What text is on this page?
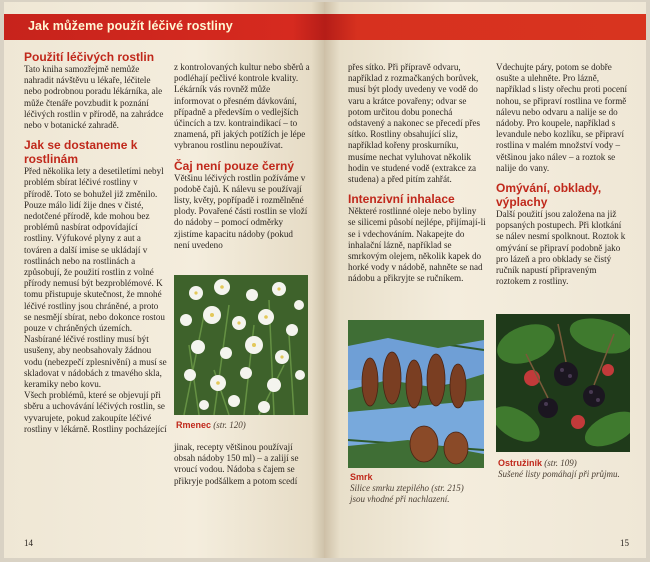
Jak můžeme použít léčivé rostliny

Použití léčivých rostlin

Tato kniha samozřejmě nemůže nahradit návštěvu u lékaře, léčitele nebo podrobnou poradu lékárníka, ale může čtenáře povzbudit k poznání léčivých rostlin v přírodě, na zahrádce nebo v botanické zahradě.

Jak se dostaneme k rostlinám

Před několika lety a desetiletími nebyl problém sbírat léčivé rostliny v přírodě. Toto se bohužel již změnilo. Pouze málo lidí žije dnes v čisté, nedotčené přírodě, kde mohou bez problémů nasbírat odpovídající rostliny. Výfukové plyny z aut a továren a další imise se ukládají v rostlinách nebo na rostlinách a způsobují, že použití rostlin z volné přírody nemusí být bezproblémové. K tomu přistupuje skutečnost, že mnohé léčivé rostliny jsou chráněné, a proto se nesmějí sbírat, nebo dokonce rostou pouze v chráněných územích.

Nasbírané léčivé rostliny musí být usušeny, aby neobsahovaly žádnou vodu (nebezpečí zplesnivění) a musí se skladovat v nádobách z tmavého skla, keramiky nebo kovu.

Všech problémů, které se objevují při sběru a uchovávání léčivých rostlin, se vyvarujete, pokud zakoupíte léčivé rostliny v lékárně. Rostliny pocházející

z kontrolovaných kultur nebo sběrů a podléhají pečlivé kontrole kvality. Lékárník vás rovněž může informovat o přesném dávkování, případně a především o vedlejších účincích a tzv. kontraindikací – to znamená, při jakých potížích je lépe vybranou rostlinu nepoužívat.

Čaj není pouze černý

Většinu léčivých rostlin požíváme v podobě čajů. K nálevu se používají listy, květy, popřípadě i rozmělněné plody. Povařené části rostlin se vloží do nádoby – pomocí odměrky zjistíme kapacitu nádoby (pokud není uvedeno

Rmenec (str. 120)

jinak, recepty většinou používají obsah nádoby 150 ml) – a zalijí se vroucí vodou. Nádoba s čajem se přikryje podšálkem a potom scedí

14

přes sítko. Při přípravě odvaru, například z rozmačkaných borůvek, musí být plody uvedeny ve vodě do varu a krátce povařeny; odvar se potom určitou dobu ponechá odstavený a nakonec se přecedí přes sítko. Rostliny obsahující sliz, například kořeny proskurníku, musíme nechat vyluhovat několik hodin ve studené vodě (extrakce za studena) a před pitím zahřát.

Intenzivní inhalace

Některé rostlinné oleje nebo byliny se silicemi působí nejlépe, přijímají-li se i vdechováním. Nakapejte do inhalační lázně, například se smrkovým olejem, několik kapek do horké vody v nádobě, nahněte se nad nádobu a přikryjte se ručníkem.

Smrk
Silice smrku ztepilého (str. 215)
jsou vhodné při nachlazení.

Vdechujte páry, potom se dobře osušte a ulehněte. Pro lázně, například s listy ořechu proti pocení nohou, se připraví rostlina ve formě nálevu nebo odvaru a nalije se do nádoby. Pro koupele, například s levandule nebo kozlíku, se připraví rostlina v malém množství vody – většinou jako nálev – a roztok se nalije do vany.

Omývání, obklady, výplachy

Další použití jsou založena na již popsaných postupech. Při klotkání se nálev nesmí spolknout. Roztok k omývání se připraví podobně jako pro lázeň a pro obklady se čistý ručník napustí připraveným roztokem z rostliny.

Ostružiník (str. 109)
Sušené listy pomáhají při průjmu.
15
